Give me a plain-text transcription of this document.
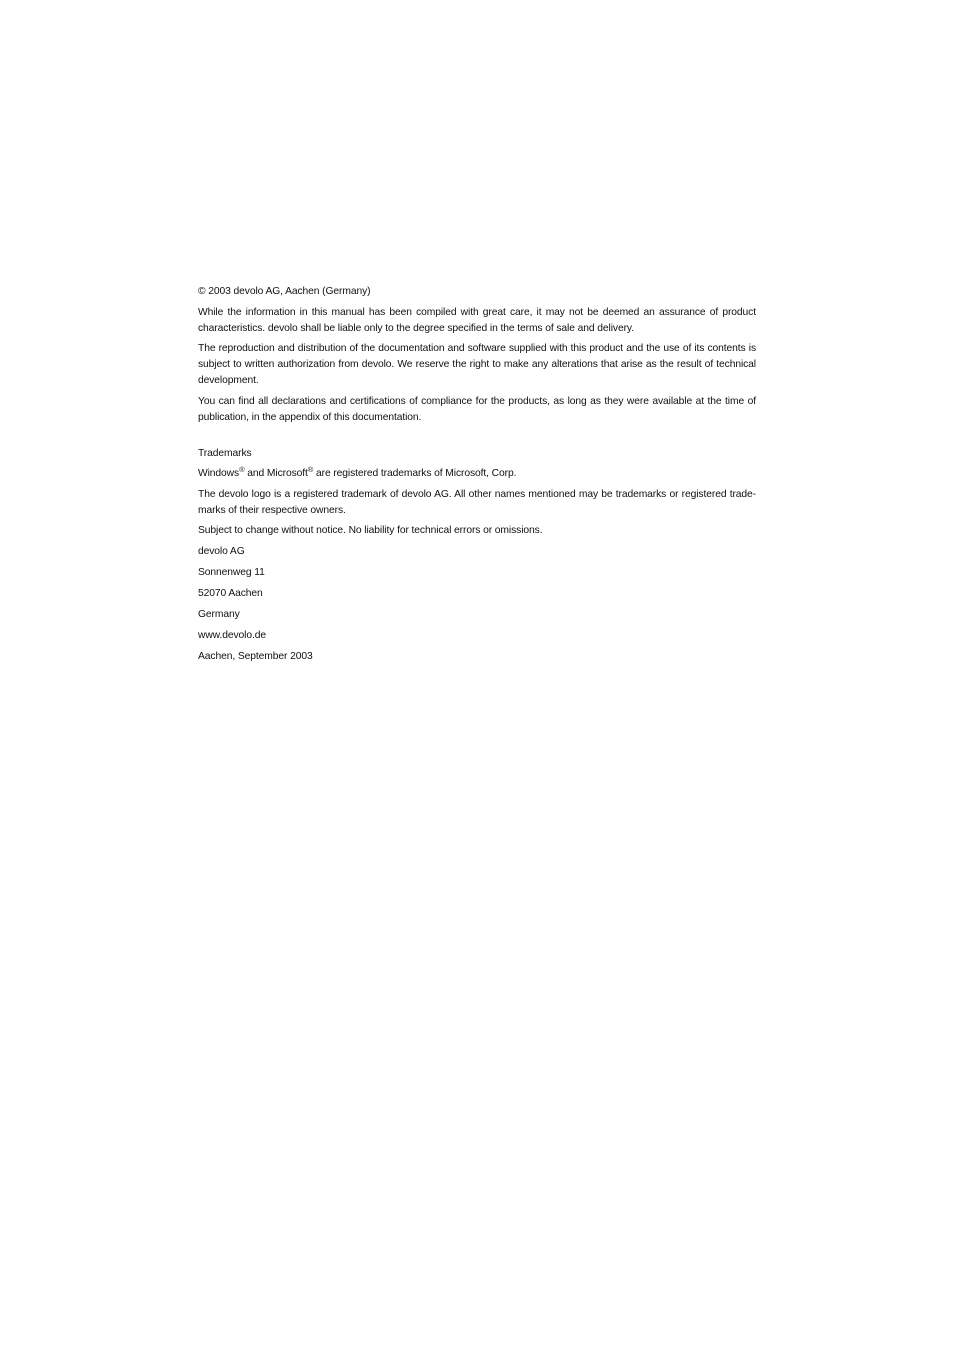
© 2003 devolo AG, Aachen (Germany)

While the information in this manual has been compiled with great care, it may not be deemed an assurance of product characteristics. devolo shall be liable only to the degree specified in the terms of sale and delivery.

The reproduction and distribution of the documentation and software supplied with this product and the use of its contents is subject to written authorization from devolo. We reserve the right to make any alterations that arise as the result of technical development.

You can find all declarations and certifications of compliance for the products, as long as they were available at the time of publication, in the appendix of this documentation.

Trademarks

Windows® and Microsoft® are registered trademarks of Microsoft, Corp.

The devolo logo is a registered trademark of devolo AG. All other names mentioned may be trademarks or registered trade-marks of their respective owners.

Subject to change without notice. No liability for technical errors or omissions.

devolo AG

Sonnenweg 11

52070 Aachen

Germany

www.devolo.de

Aachen, September 2003
